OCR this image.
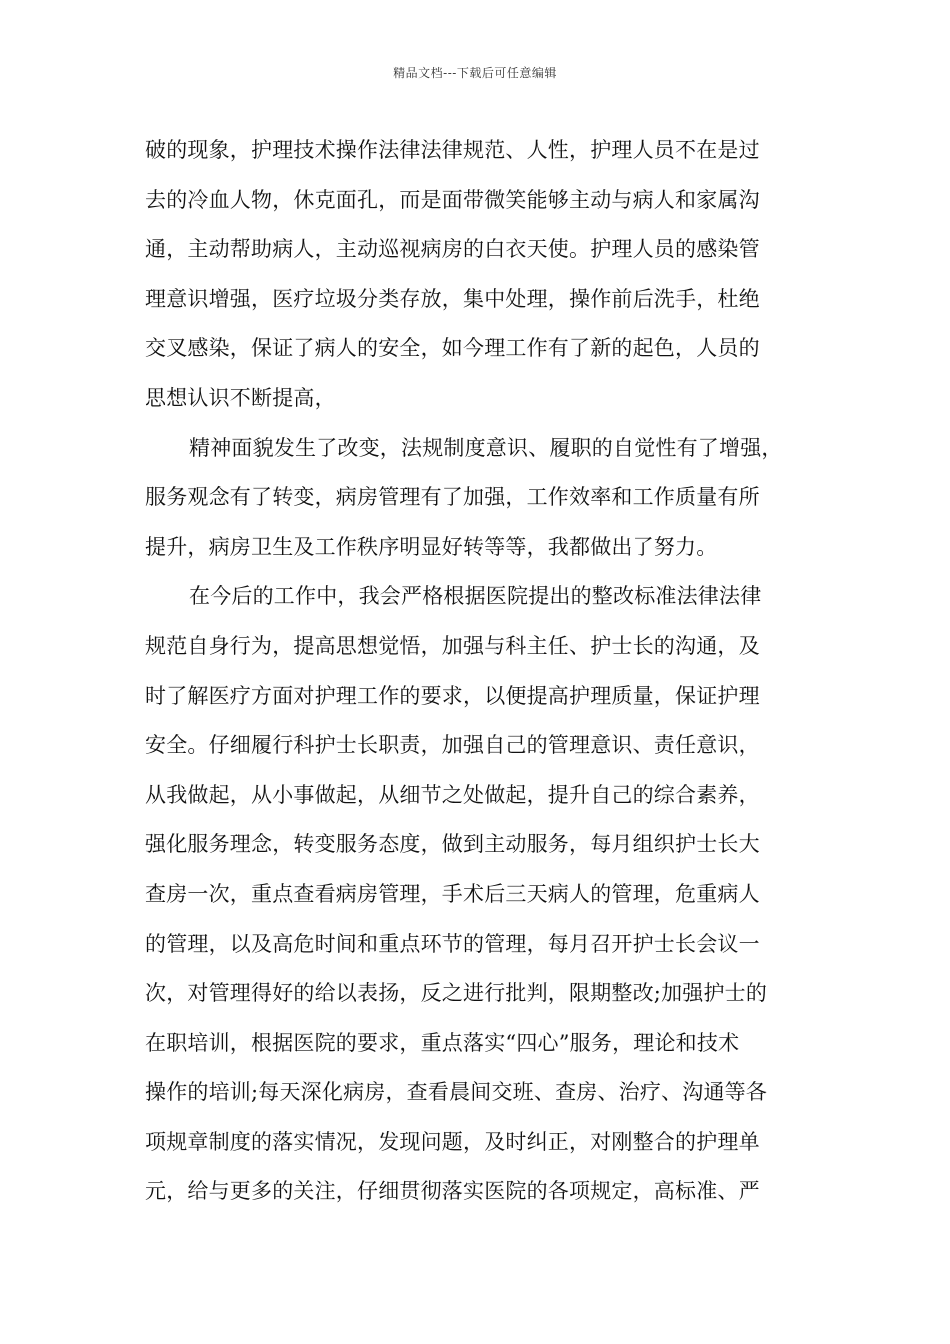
精品文档---下载后可任意编辑
破的现象，护理技术操作法律法律规范、人性，护理人员不在是过
去的冷血人物，休克面孔，而是面带微笑能够主动与病人和家属沟
通，主动帮助病人，主动巡视病房的白衣天使。护理人员的感染管
理意识增强，医疗垃圾分类存放，集中处理，操作前后洗手，杜绝
交叉感染，保证了病人的安全，如今理工作有了新的起色，人员的
思想认识不断提高，
精神面貌发生了改变，法规制度意识、履职的自觉性有了增强，
服务观念有了转变，病房管理有了加强，工作效率和工作质量有所
提升，病房卫生及工作秩序明显好转等等，我都做出了努力。
在今后的工作中，我会严格根据医院提出的整改标准法律法律
规范自身行为，提高思想觉悟，加强与科主任、护士长的沟通，及
时了解医疗方面对护理工作的要求，以便提高护理质量，保证护理
安全。仔细履行科护士长职责，加强自己的管理意识、责任意识，
从我做起，从小事做起，从细节之处做起，提升自己的综合素养，
强化服务理念，转变服务态度，做到主动服务，每月组织护士长大
查房一次，重点查看病房管理，手术后三天病人的管理，危重病人
的管理，以及高危时间和重点环节的管理，每月召开护士长会议一
次，对管理得好的给以表扬，反之进行批判，限期整改;加强护士的
在职培训，根据医院的要求，重点落实“四心”服务，理论和技术
操作的培训;每天深化病房，查看晨间交班、查房、治疗、沟通等各
项规章制度的落实情况，发现问题，及时纠正，对刚整合的护理单
元，给与更多的关注，仔细贯彻落实医院的各项规定，高标准、严
